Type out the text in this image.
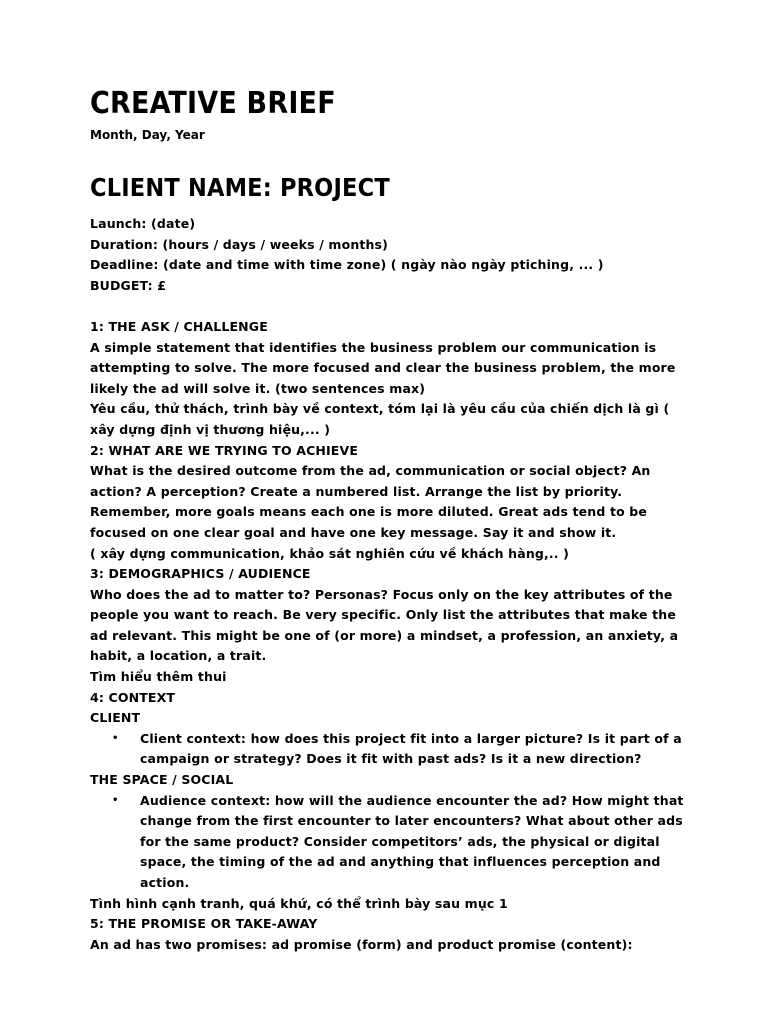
CREATIVE BRIEF
Month, Day, Year
CLIENT NAME: PROJECT

Launch: (date)

Duration: (hours / days / weeks / months)

Deadline: (date and time with time zone) ( ngày nào ngày ptiching, ... )

BUDGET: £

1: THE ASK / CHALLENGE

A simple statement that identifies the business problem our communication is attempting to solve. The more focused and clear the business problem, the more likely the ad will solve it. (two sentences max)

Yêu cầu, thử thách, trình bày về context, tóm lại là yêu cầu của chiến dịch là gì ( xây dựng định vị thương hiệu,... )

2: WHAT ARE WE TRYING TO ACHIEVE

What is the desired outcome from the ad, communication or social object? An action? A perception? Create a numbered list. Arrange the list by priority. Remember, more goals means each one is more diluted. Great ads tend to be focused on one clear goal and have one key message. Say it and show it.

( xây dựng communication, khảo sát nghiên cứu về khách hàng,.. )

3: DEMOGRAPHICS / AUDIENCE

Who does the ad to matter to? Personas? Focus only on the key attributes of the people you want to reach. Be very specific. Only list the attributes that make the ad relevant. This might be one of (or more) a mindset, a profession, an anxiety, a habit, a location, a trait.

Tìm hiểu thêm thui

4: CONTEXT

CLIENT

•	Client context: how does this project fit into a larger picture? Is it part of a campaign or strategy? Does it fit with past ads? Is it a new direction?

THE SPACE / SOCIAL

•	Audience context: how will the audience encounter the ad? How might that change from the first encounter to later encounters? What about other ads for the same product? Consider competitors’ ads, the physical or digital space, the timing of the ad and anything that influences perception and action.

Tình hình cạnh tranh, quá khứ, có thể trình bày sau mục 1

5: THE PROMISE OR TAKE-AWAY

An ad has two promises: ad promise (form) and product promise (content):
